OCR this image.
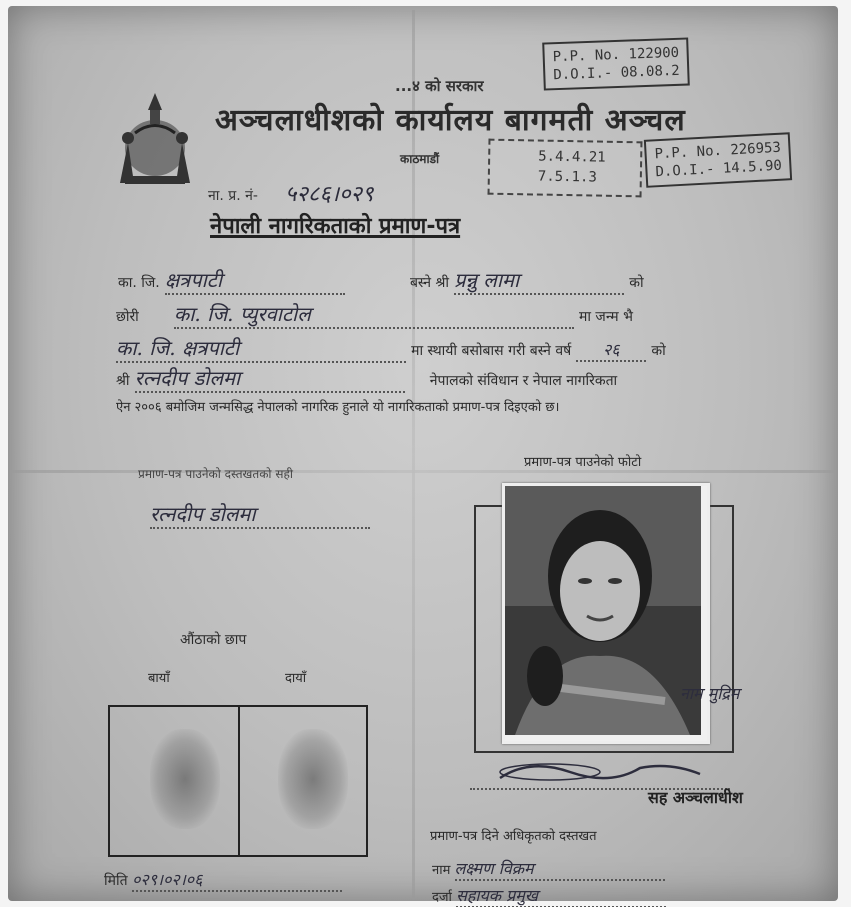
...४ को सरकार
अञ्चलाधीशको कार्यालय बागमती अञ्चल
काठमाडौं
ना. प्र. नं- ५२८६।०२९
नेपाली नागरिकताको प्रमाण-पत्र
P.P. No. 122900
D.O.I.- 08.08.2
P.P. No. 226953
D.O.I.- 14.5.90
5.4.4.21
7.5.1.3
का. जि. क्षत्रपाटी	बस्ने श्री प्रन्नु लामा	को
छोरी का. जि. प्युरवाटोल	मा जन्म भै
का. जि. क्षत्रपाटी	मा स्थायी बसोबास गरी बस्ने वर्ष २६ को
श्री रत्नदीप डोलमा	नेपालको संविधान र नेपाल नागरिकता
ऐन २००६ बमोजिम जन्मसिद्ध नेपालको नागरिक हुनाले यो नागरिकताको प्रमाण-पत्र दिइएको छ।
प्रमाण-पत्र पाउनेको फोटो
प्रमाण-पत्र पाउनेको दस्तखतको सही
रत्नदीप डोलमा
औंठाको छाप
बायाँ	दायाँ
नाम मुद्रिम
सह अञ्चलाधीश
प्रमाण-पत्र दिने अधिकृतको दस्तखत
नाम लक्ष्मण विक्रम
दर्जा सहायक प्रमुख
मिति ०२९।०२।०६
